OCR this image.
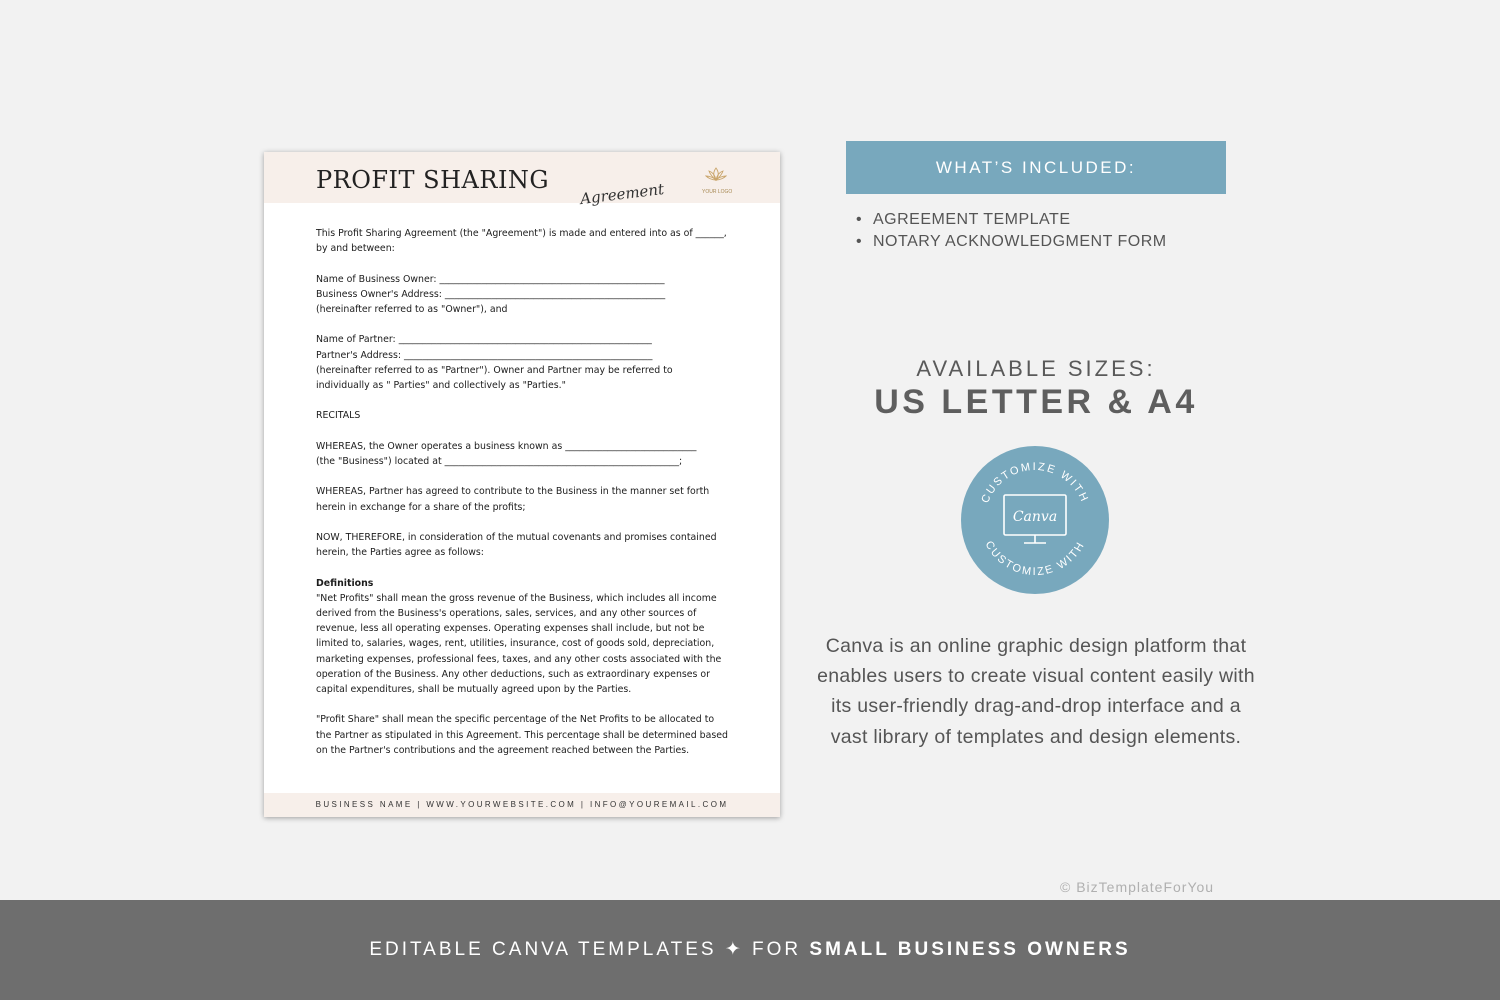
PROFIT SHARING Agreement	YOUR LOGO

This Profit Sharing Agreement (the "Agreement") is made and entered into as of ______,
by and between:

Name of Business Owner: ________________________________________________
Business Owner's Address: _______________________________________________
(hereinafter referred to as "Owner"), and

Name of Partner: ______________________________________________________
Partner's Address: _____________________________________________________
(hereinafter referred to as "Partner"). Owner and Partner may be referred to
individually as " Parties" and collectively as "Parties."

RECITALS

WHEREAS, the Owner operates a business known as ____________________________
(the "Business") located at __________________________________________________;

WHEREAS, Partner has agreed to contribute to the Business in the manner set forth
herein in exchange for a share of the profits;

NOW, THEREFORE, in consideration of the mutual covenants and promises contained
herein, the Parties agree as follows:

Definitions

"Net Profits" shall mean the gross revenue of the Business, which includes all income
derived from the Business's operations, sales, services, and any other sources of
revenue, less all operating expenses. Operating expenses shall include, but not be
limited to, salaries, wages, rent, utilities, insurance, cost of goods sold, depreciation,
marketing expenses, professional fees, taxes, and any other costs associated with the
operation of the Business. Any other deductions, such as extraordinary expenses or
capital expenditures, shall be mutually agreed upon by the Parties.

"Profit Share" shall mean the specific percentage of the Net Profits to be allocated to
the Partner as stipulated in this Agreement. This percentage shall be determined based
on the Partner's contributions and the agreement reached between the Parties.

BUSINESS NAME | WWW.YOURWEBSITE.COM | INFO@YOUREMAIL.COM
WHAT’S INCLUDED:
• AGREEMENT TEMPLATE
• NOTARY ACKNOWLEDGMENT FORM
AVAILABLE SIZES:
US LETTER & A4
CUSTOMIZE WITH
CUSTOMIZE WITH
Canva
Canva is an online graphic design platform that enables users to create visual content easily with its user-friendly drag-and-drop interface and a vast library of templates and design elements.
© BizTemplateForYou
EDITABLE CANVA TEMPLATES ✦ FOR SMALL BUSINESS OWNERS
